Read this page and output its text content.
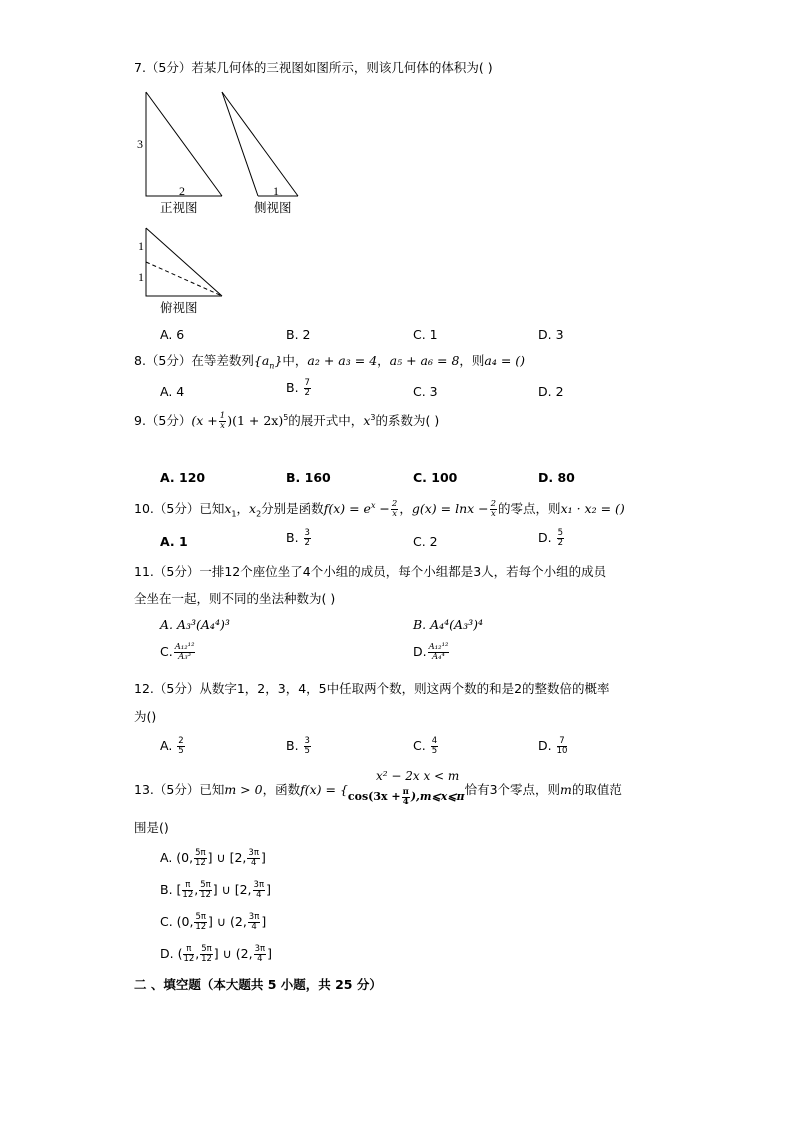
7.（5分）若某几何体的三视图如图所示，则该几何体的体积为( )
3
2	1
1
1
正视图	侧视图
俯视图
A. 6	B. 2	C. 1	D. 3
8.（5分）在等差数列$\{a_n\}$中，a₂ + a₃ = 4，a₅ + a₆ = 8，则a₄ = ()
A. 4	B. $\frac{7}{2}$	C. 3	D. 2
9.（5分）$(x + \frac{1}{x} )(1 + 2x)^5$的展开式中，$x^3$的系数为( )
A. 120	B. 160	C. 100	D. 80
10.（5分）已知$x_1$，$x_2$分别是函数$f(x) = e^x - \frac{2}{x}$ ，$g(x) = \ln x - \frac{2}{x}$ 的零点，则x₁ · x₂ = ()
A. 1	B. $\frac{3}{2}$	C. 2	D. $\frac{5}{2}$
11.（5分）一排12个座位坐了4个小组的成员，每个小组都是3人，若每个小组的成员
全坐在一起，则不同的坐法种数为( )
A. A₃³(A₄⁴)³	B. A₄⁴(A₃³)⁴
C. $\frac{\text{A₁₂¹²}}{\text{A₃³}}$	D. $\frac{\text{A₁₂¹²}}{\text{A₄⁴}}$
12.（5分）从数字1，2，3，4，5中任取两个数，则这两个数的和是2的整数倍的概率
为()
A. $\frac{2}{5}$	B. $\frac{3}{5}$	C. $\frac{4}{5}$	D. $\frac{7}{10}$
x² − 2x x < m
13.（5分）已知m > 0，函数$f(x) = \{\cos(3x + \frac{\pi}{4}$ ),m⩽x⩽π恰有3个零点，则m的取值范
围是()
A. (0, $\frac{5\pi}{12}$ ] ∪ [2, $\frac{3\pi}{4}$ ]
B. [ $\frac{\pi}{12}$ , $\frac{5\pi}{12}$ ] ∪ [2, $\frac{3\pi}{4}$ ]
C. (0, $\frac{5\pi}{12}$ ] ∪ (2, $\frac{3\pi}{4}$ ]
D. ( $\frac{\pi}{12}$ , $\frac{5\pi}{12}$ ] ∪ (2, $\frac{3\pi}{4}$ ]
二 、填空题（本大题共 5 小题，共 25 分）
